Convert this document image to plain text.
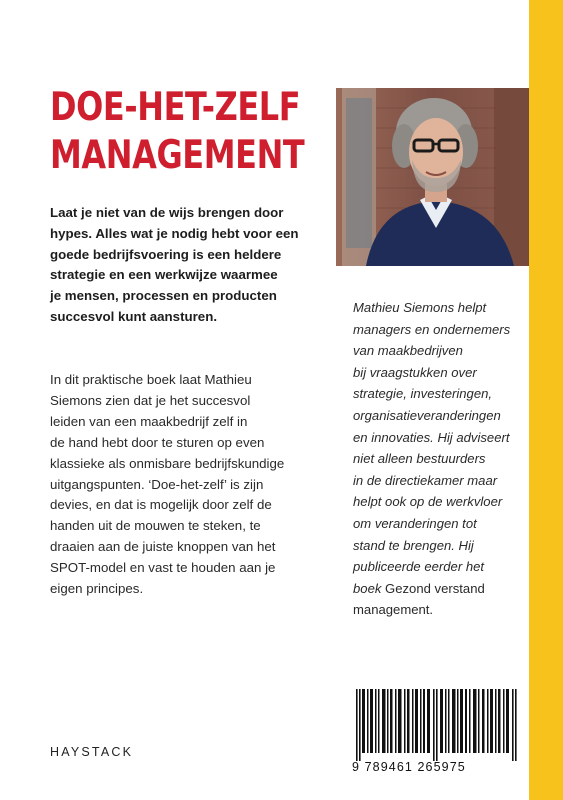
DOE-HET-ZELF
MANAGEMENT
Laat je niet van de wijs brengen door
hypes. Alles wat je nodig hebt voor een
goede bedrijfsvoering is een heldere
strategie en een werkwijze waarmee
je mensen, processen en producten
succesvol kunt aansturen.
In dit praktische boek laat Mathieu
Siemons zien dat je het succesvol
leiden van een maakbedrijf zelf in
de hand hebt door te sturen op even
klassieke als onmisbare bedrijfskundige
uitgangspunten. ‘Doe-het-zelf’ is zijn
devies, en dat is mogelijk door zelf de
handen uit de mouwen te steken, te
draaien aan de juiste knoppen van het
SPOT-model en vast te houden aan je
eigen principes.
Mathieu Siemons helpt
managers en ondernemers
van maakbedrijven
bij vraagstukken over
strategie, investeringen,
organisatieveranderingen
en innovaties. Hij adviseert
niet alleen bestuurders
in de directiekamer maar
helpt ook op de werkvloer
om veranderingen tot
stand te brengen. Hij
publiceerde eerder het
boek Gezond verstand
management.
HAYSTACK
9 789461 265975
